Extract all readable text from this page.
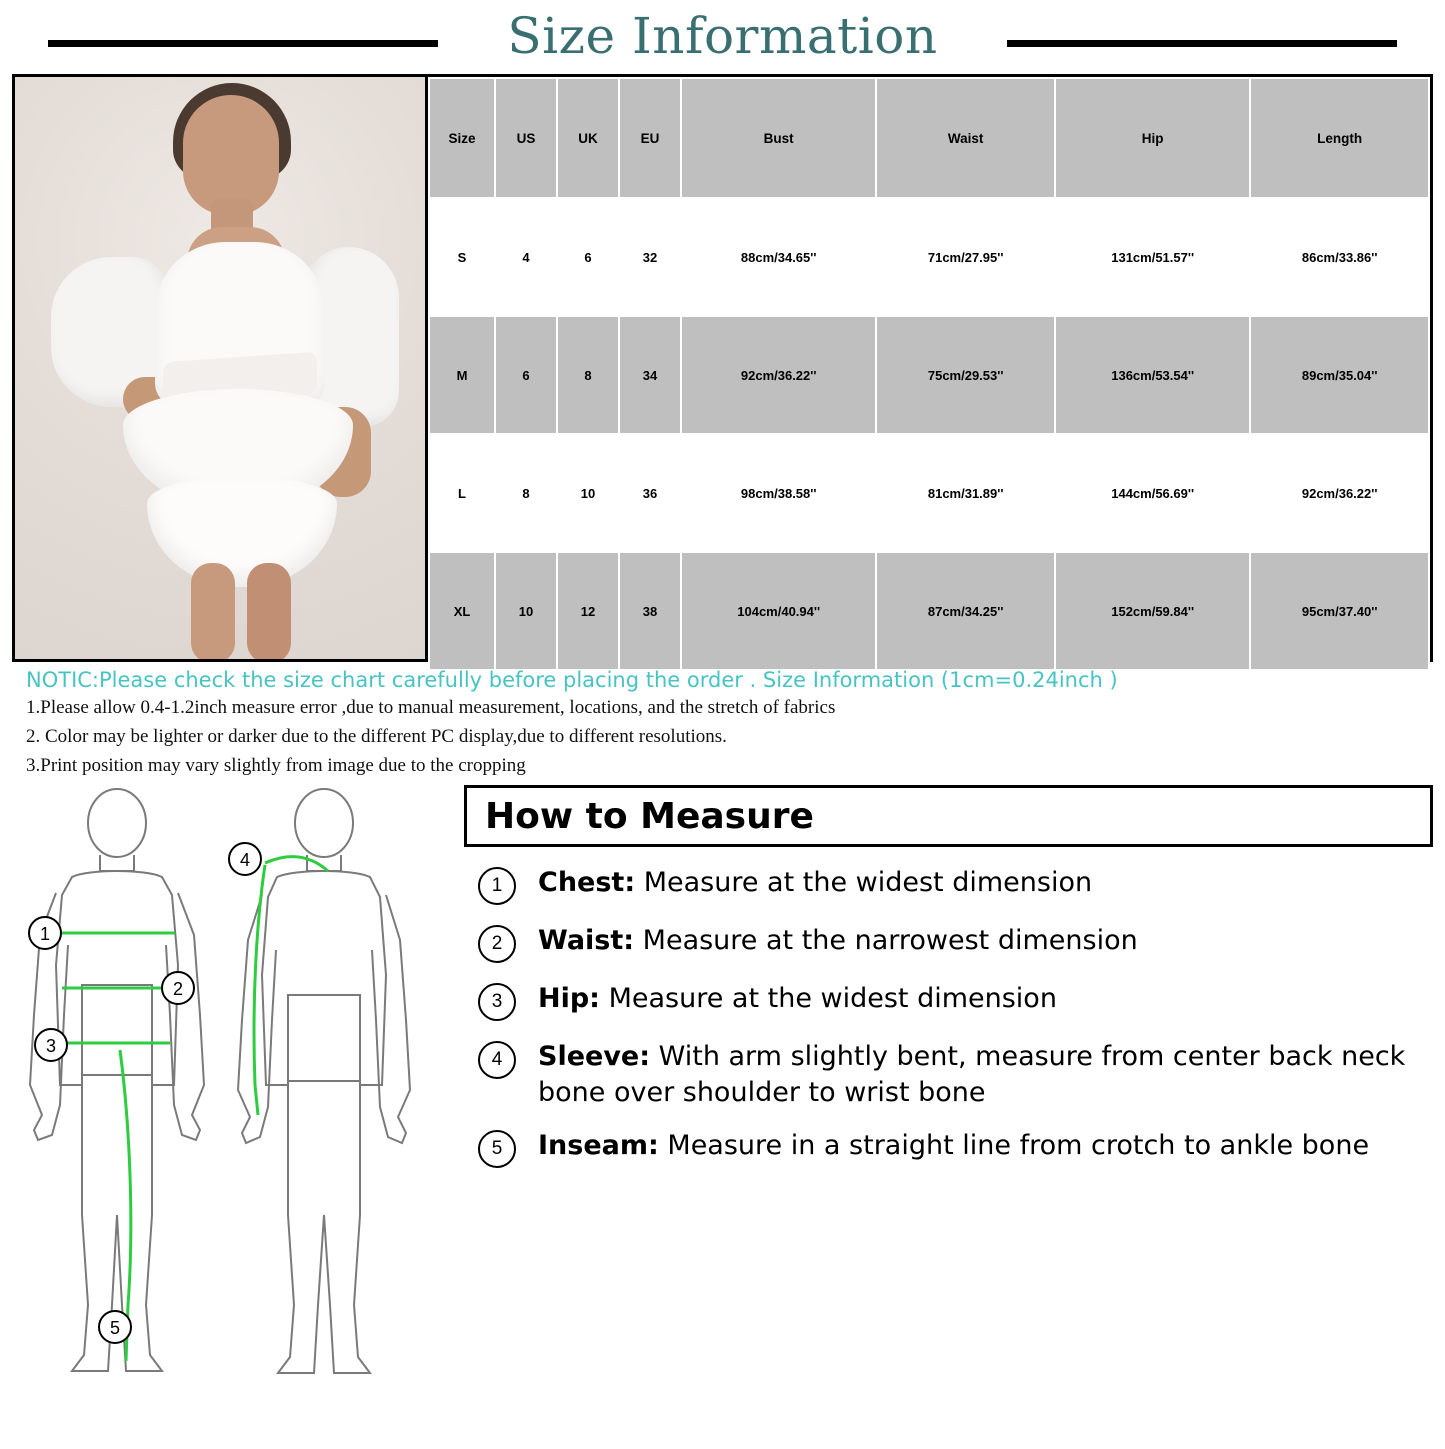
Size Information
Size	US	UK	EU	Bust	Waist	Hip	Length
S	4	6	32	88cm/34.65''	71cm/27.95''	131cm/51.57''	86cm/33.86''
M	6	8	34	92cm/36.22''	75cm/29.53''	136cm/53.54''	89cm/35.04''
L	8	10	36	98cm/38.58''	81cm/31.89''	144cm/56.69''	92cm/36.22''
XL	10	12	38	104cm/40.94''	87cm/34.25''	152cm/59.84''	95cm/37.40''
NOTIC:Please check the size chart carefully before placing the order . Size Information (1cm=0.24inch )
1.Please allow 0.4-1.2inch measure error ,due to manual measurement, locations, and the stretch of fabrics
2. Color may be lighter or darker due to the different PC display,due to different resolutions.
3.Print position may vary slightly from image due to the cropping
1
2
3
4
5
How to Measure
1	Chest: Measure at the widest dimension
2	Waist: Measure at the narrowest dimension
3	Hip: Measure at the widest dimension
4	Sleeve: With arm slightly bent, measure from center back neck bone over shoulder to wrist bone
5	Inseam: Measure in a straight line from crotch to ankle bone
